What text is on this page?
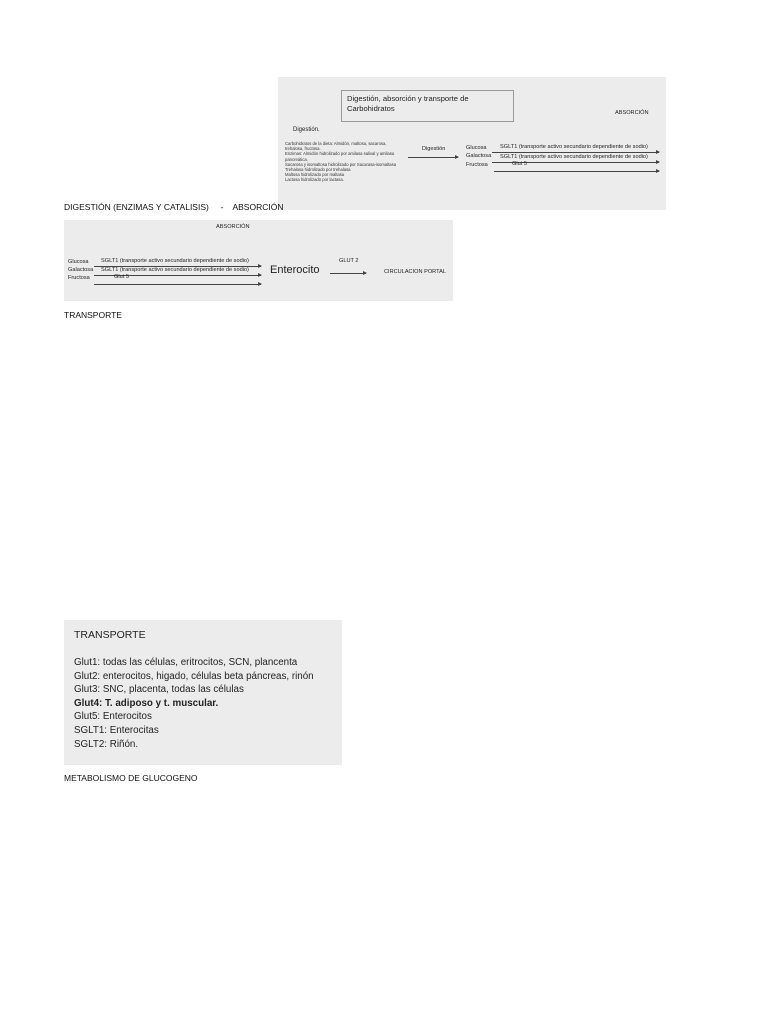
Digestión, absorción y transporte de Carbohidratos	ABSORCIÓN
Digestión.
Carbohidratos de la dieta: Almidón, maltosa, sacarosa,
trehalosa, fructosa.
Enzimas: Almidón hidrolizado por amilasa salival y amilasa
pancreática.
Sacarosa y isomaltosa hidrolizado por Sacarasa-isomaltasa
Trehalosa hidrolizado por trehalasa
Maltosa hidrolizado por maltasa
Lactosa hidrolizado por lactasa.
Digestión	Glucosa SGLT1 (transporte activo secundario dependiente de sodio)
Galactosa SGLT1 (transporte activo secundario dependiente de sodio)
Fructosa	Glut 5
DIGESTIÓN (ENZIMAS Y CATALISIS)     -    ABSORCIÓN
ABSORCIÓN
Glucosa SGLT1 (transporte activo secundario dependiente de sodio)
Galactosa SGLT1 (transporte activo secundario dependiente de sodio)
Fructosa	Glut 5
Enterocito
GLUT 2
CIRCULACION PORTAL
TRANSPORTE
TRANSPORTE
Glut1: todas las células, eritrocitos, SCN, plancenta
Glut2: enterocitos, higado, células beta páncreas, rinón
Glut3: SNC, placenta, todas las células
Glut4: T. adiposo y t. muscular.
Glut5: Enterocitos
SGLT1: Enterocitas
SGLT2: Riñón.
METABOLISMO DE GLUCOGENO
